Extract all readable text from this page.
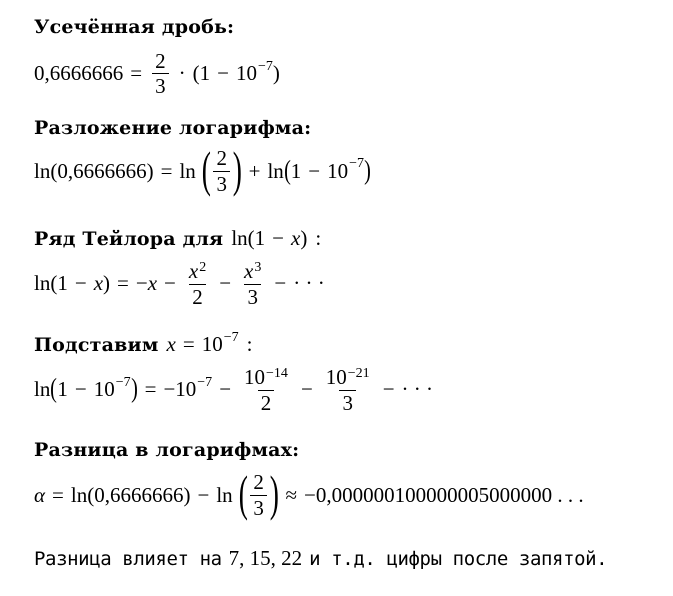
Усечённая дробь:
$0,6666666 = \frac{2}{3}$ · ( $1 - 10^{-7}$ )
Разложение логарифма:
ln ( 0,6666666 ) = ln ( $\frac{2}{3}$ ) + ln ( $1 - 10^{-7}$ )
Ряд Тейлора для ln ( 1 − x ) :
ln ( 1 − x ) = − $x - \frac{x^2}{2} - \frac{x^3}{3}$ − · · ·
Подставим $x = 10^{-7}$ :
ln ( $1 - 10^{-7}$ ) = − $10^{-7} - \frac{10^{-14}}{2} - \frac{10^{-21}}{3}$ − · · ·
Разница в логарифмах:
α = ln ( 0,6666666 ) − ln ( $\frac{2}{3}$ ) ≈ −0,000000100000005000000 . . .
Разница влияет на 7, 15, 22 и т.д. цифры после запятой.
